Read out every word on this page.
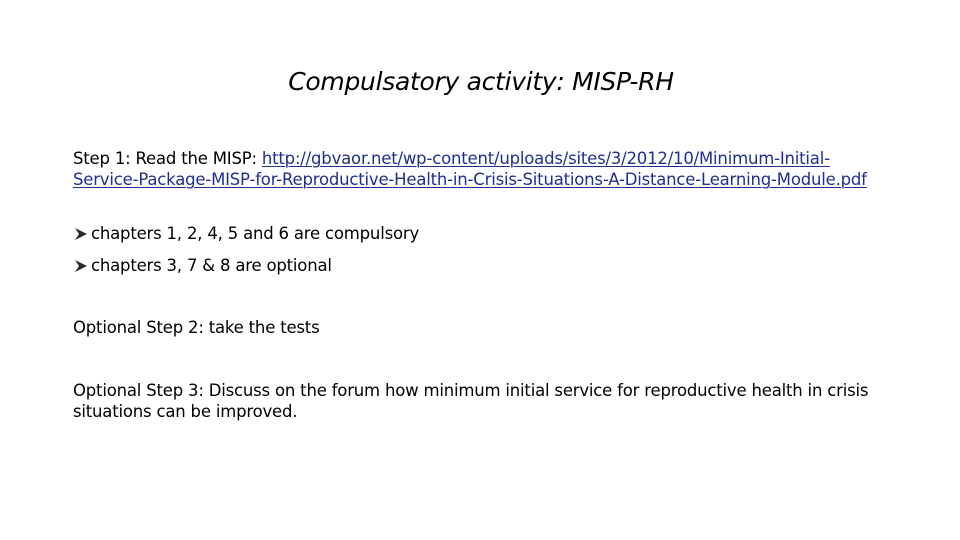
Compulsatory activity: MISP-RH
Step 1: Read the MISP: http://gbvaor.net/wp-content/uploads/sites/3/2012/10/Minimum-Initial-Service-Package-MISP-for-Reproductive-Health-in-Crisis-Situations-A-Distance-Learning-Module.pdf
chapters 1, 2, 4, 5 and 6 are compulsory
chapters 3, 7 & 8 are optional
Optional Step 2: take the tests
Optional Step 3: Discuss on the forum how minimum initial service for reproductive health in crisis situations can be improved.
